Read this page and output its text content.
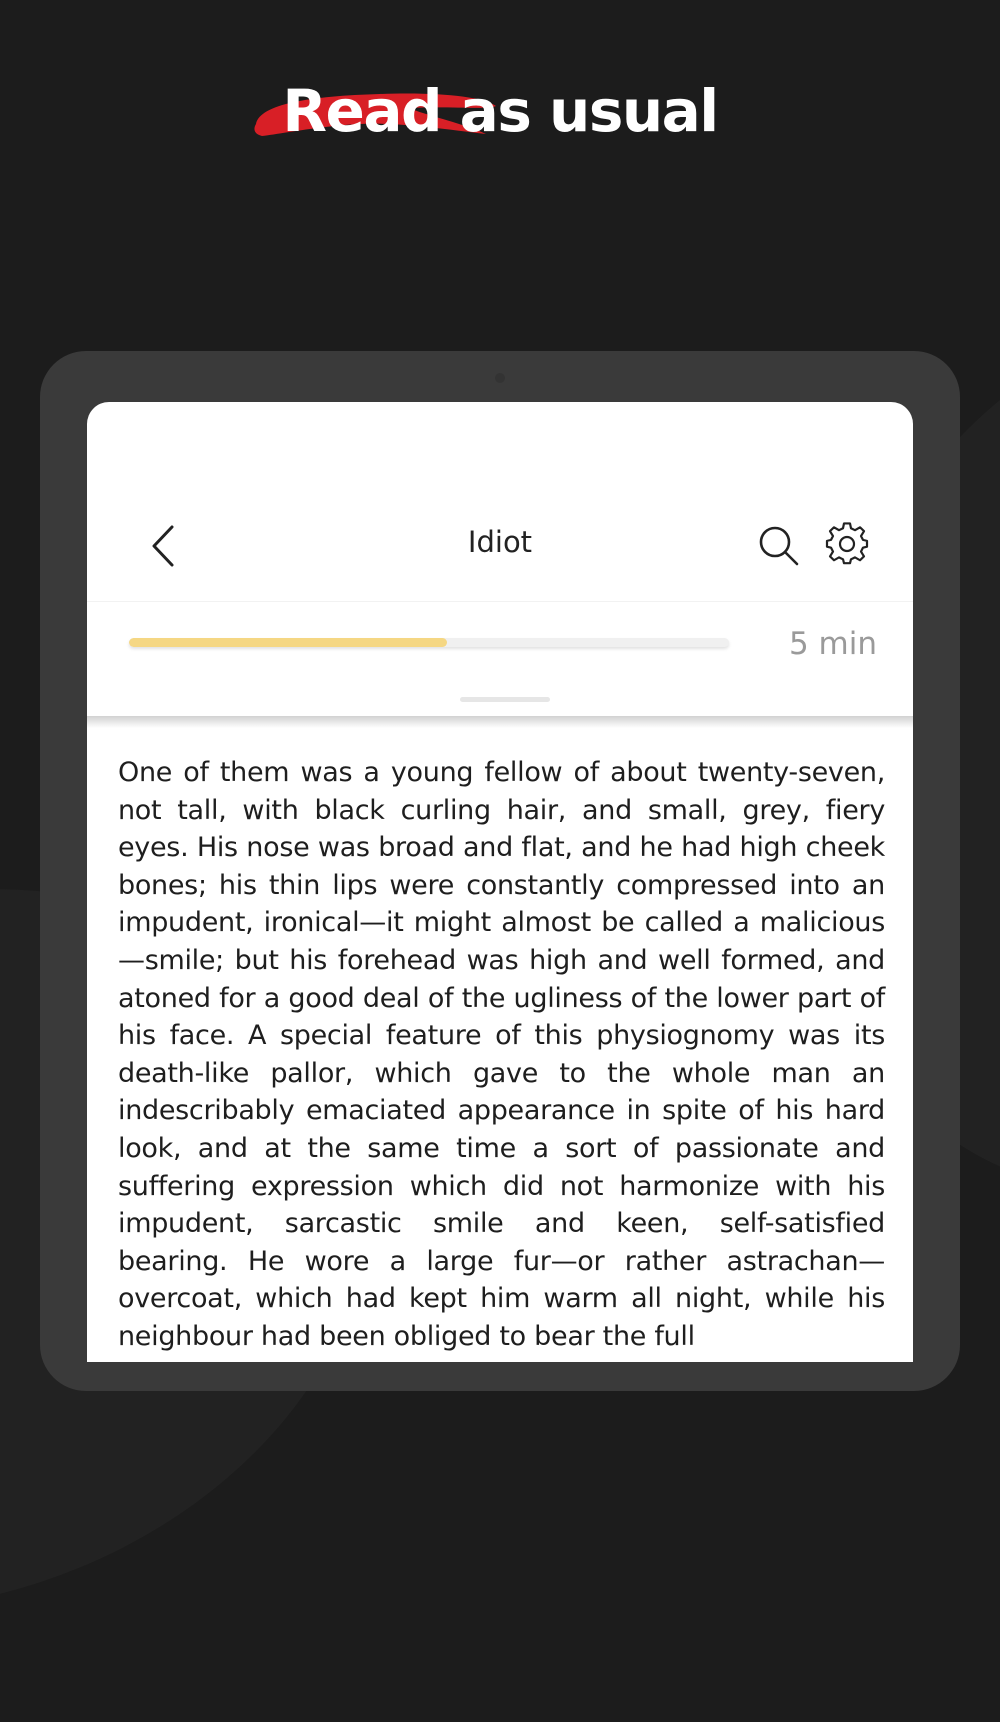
Read as usual
Idiot
5 min

One of them was a young fellow of about twenty-seven, not tall, with black curling hair, and small, grey, fiery eyes. His nose was broad and flat, and he had high cheek bones; his thin lips were constantly compressed into an impudent, ironical—it might almost be called a malicious—smile; but his forehead was high and well formed, and atoned for a good deal of the ugliness of the lower part of his face. A special feature of this physiognomy was its death-like pallor, which gave to the whole man an indescribably emaciated appearance in spite of his hard look, and at the same time a sort of passionate and suffering expression which did not harmonize with his impudent, sarcastic smile and keen, self-satisfied bearing. He wore a large fur—or rather astrachan—overcoat, which had kept him warm all night, while his neighbour had been obliged to bear the full
